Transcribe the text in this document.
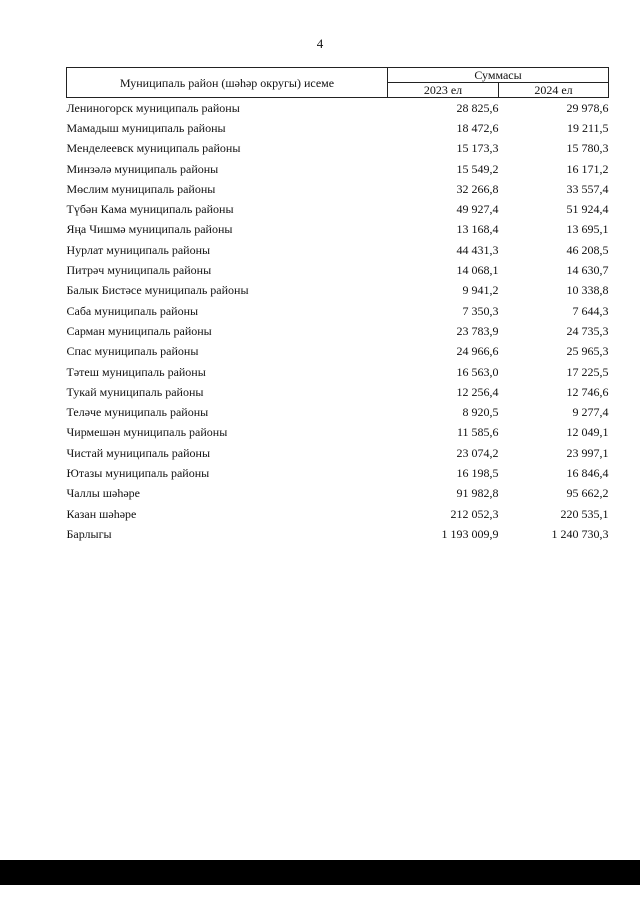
4
Муниципаль район (шәһәр округы) исеме	Суммасы	
	2023 ел	2024 ел
Лениногорск муниципаль районы	28 825,6	29 978,6
Мамадыш муниципаль районы	18 472,6	19 211,5
Менделеевск муниципаль районы	15 173,3	15 780,3
Минзәлә муниципаль районы	15 549,2	16 171,2
Мөслим муниципаль районы	32 266,8	33 557,4
Түбән Кама муниципаль районы	49 927,4	51 924,4
Яңа Чишмә муниципаль районы	13 168,4	13 695,1
Нурлат муниципаль районы	44 431,3	46 208,5
Питрәч муниципаль районы	14 068,1	14 630,7
Балык Бистәсе муниципаль районы	9 941,2	10 338,8
Саба муниципаль районы	7 350,3	7 644,3
Сарман муниципаль районы	23 783,9	24 735,3
Спас муниципаль районы	24 966,6	25 965,3
Тәтеш муниципаль районы	16 563,0	17 225,5
Тукай муниципаль районы	12 256,4	12 746,6
Теләче муниципаль районы	8 920,5	9 277,4
Чирмешән муниципаль районы	11 585,6	12 049,1
Чистай муниципаль районы	23 074,2	23 997,1
Ютазы муниципаль районы	16 198,5	16 846,4
Чаллы шәһәре	91 982,8	95 662,2
Казан шәһәре	212 052,3	220 535,1
Барлыгы	1 193 009,9	1 240 730,3
